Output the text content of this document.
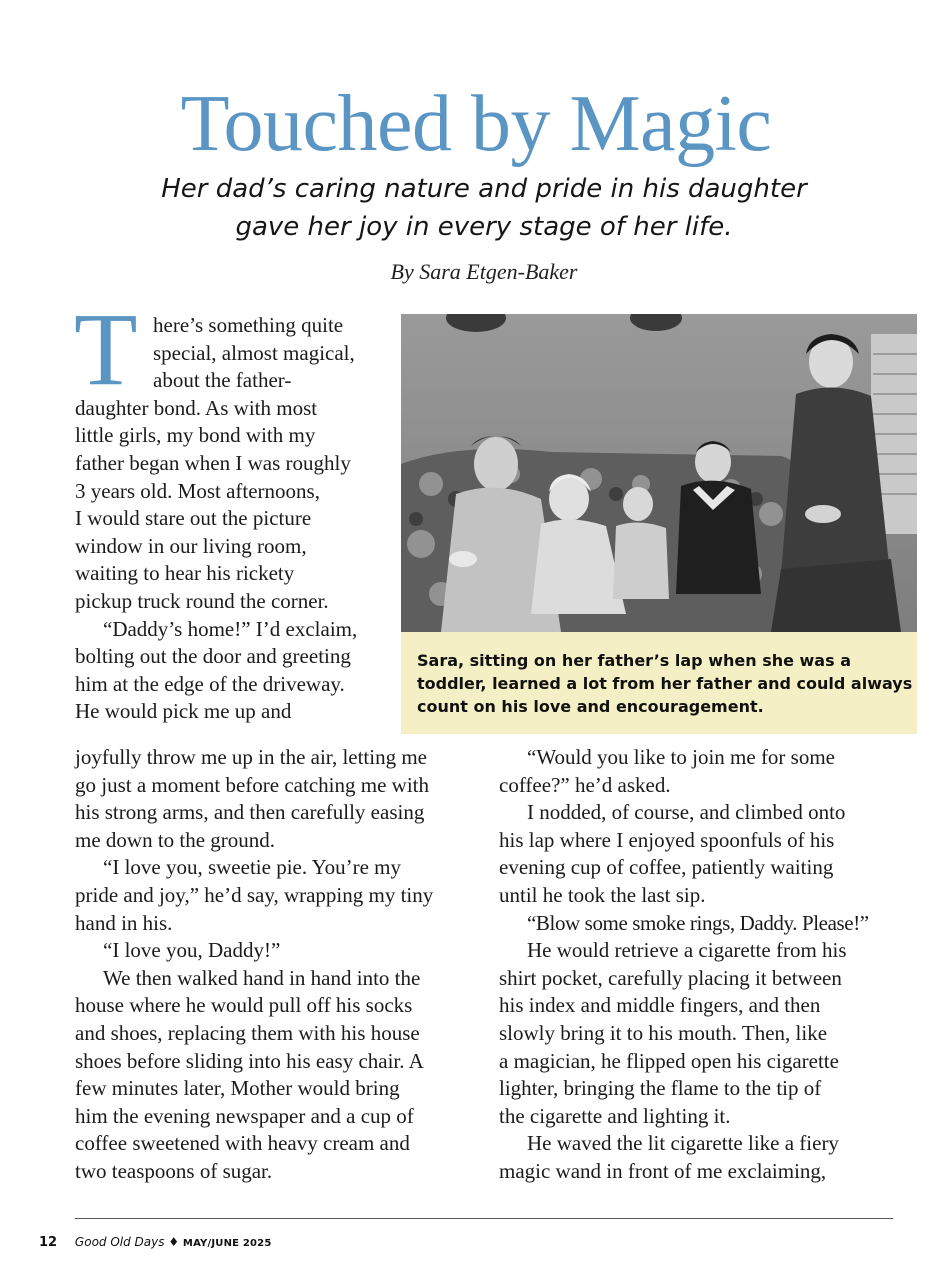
Touched by Magic
Her dad’s caring nature and pride in his daughter
gave her joy in every stage of her life.
By Sara Etgen-Baker
T here’s something quite
special, almost magical,
about the father-
daughter bond. As with most
little girls, my bond with my
father began when I was roughly
3 years old. Most afternoons,
I would stare out the picture
window in our living room,
waiting to hear his rickety
pickup truck round the corner.
“Daddy’s home!” I’d exclaim,
bolting out the door and greeting
him at the edge of the driveway.
He would pick me up and
Sara, sitting on her father’s lap when she was a
toddler, learned a lot from her father and could always
count on his love and encouragement.
joyfully throw me up in the air, letting me
go just a moment before catching me with
his strong arms, and then carefully easing
me down to the ground.
“I love you, sweetie pie. You’re my
pride and joy,” he’d say, wrapping my tiny
hand in his.
“I love you, Daddy!”
We then walked hand in hand into the
house where he would pull off his socks
and shoes, replacing them with his house
shoes before sliding into his easy chair. A
few minutes later, Mother would bring
him the evening newspaper and a cup of
coffee sweetened with heavy cream and
two teaspoons of sugar.
“Would you like to join me for some
coffee?” he’d asked.
I nodded, of course, and climbed onto
his lap where I enjoyed spoonfuls of his
evening cup of coffee, patiently waiting
until he took the last sip.
“Blow some smoke rings, Daddy. Please!”
He would retrieve a cigarette from his
shirt pocket, carefully placing it between
his index and middle fingers, and then
slowly bring it to his mouth. Then, like
a magician, he flipped open his cigarette
lighter, bringing the flame to the tip of
the cigarette and lighting it.
He waved the lit cigarette like a fiery
magic wand in front of me exclaiming,
12 Good Old Days ♦ MAY/JUNE 2025
